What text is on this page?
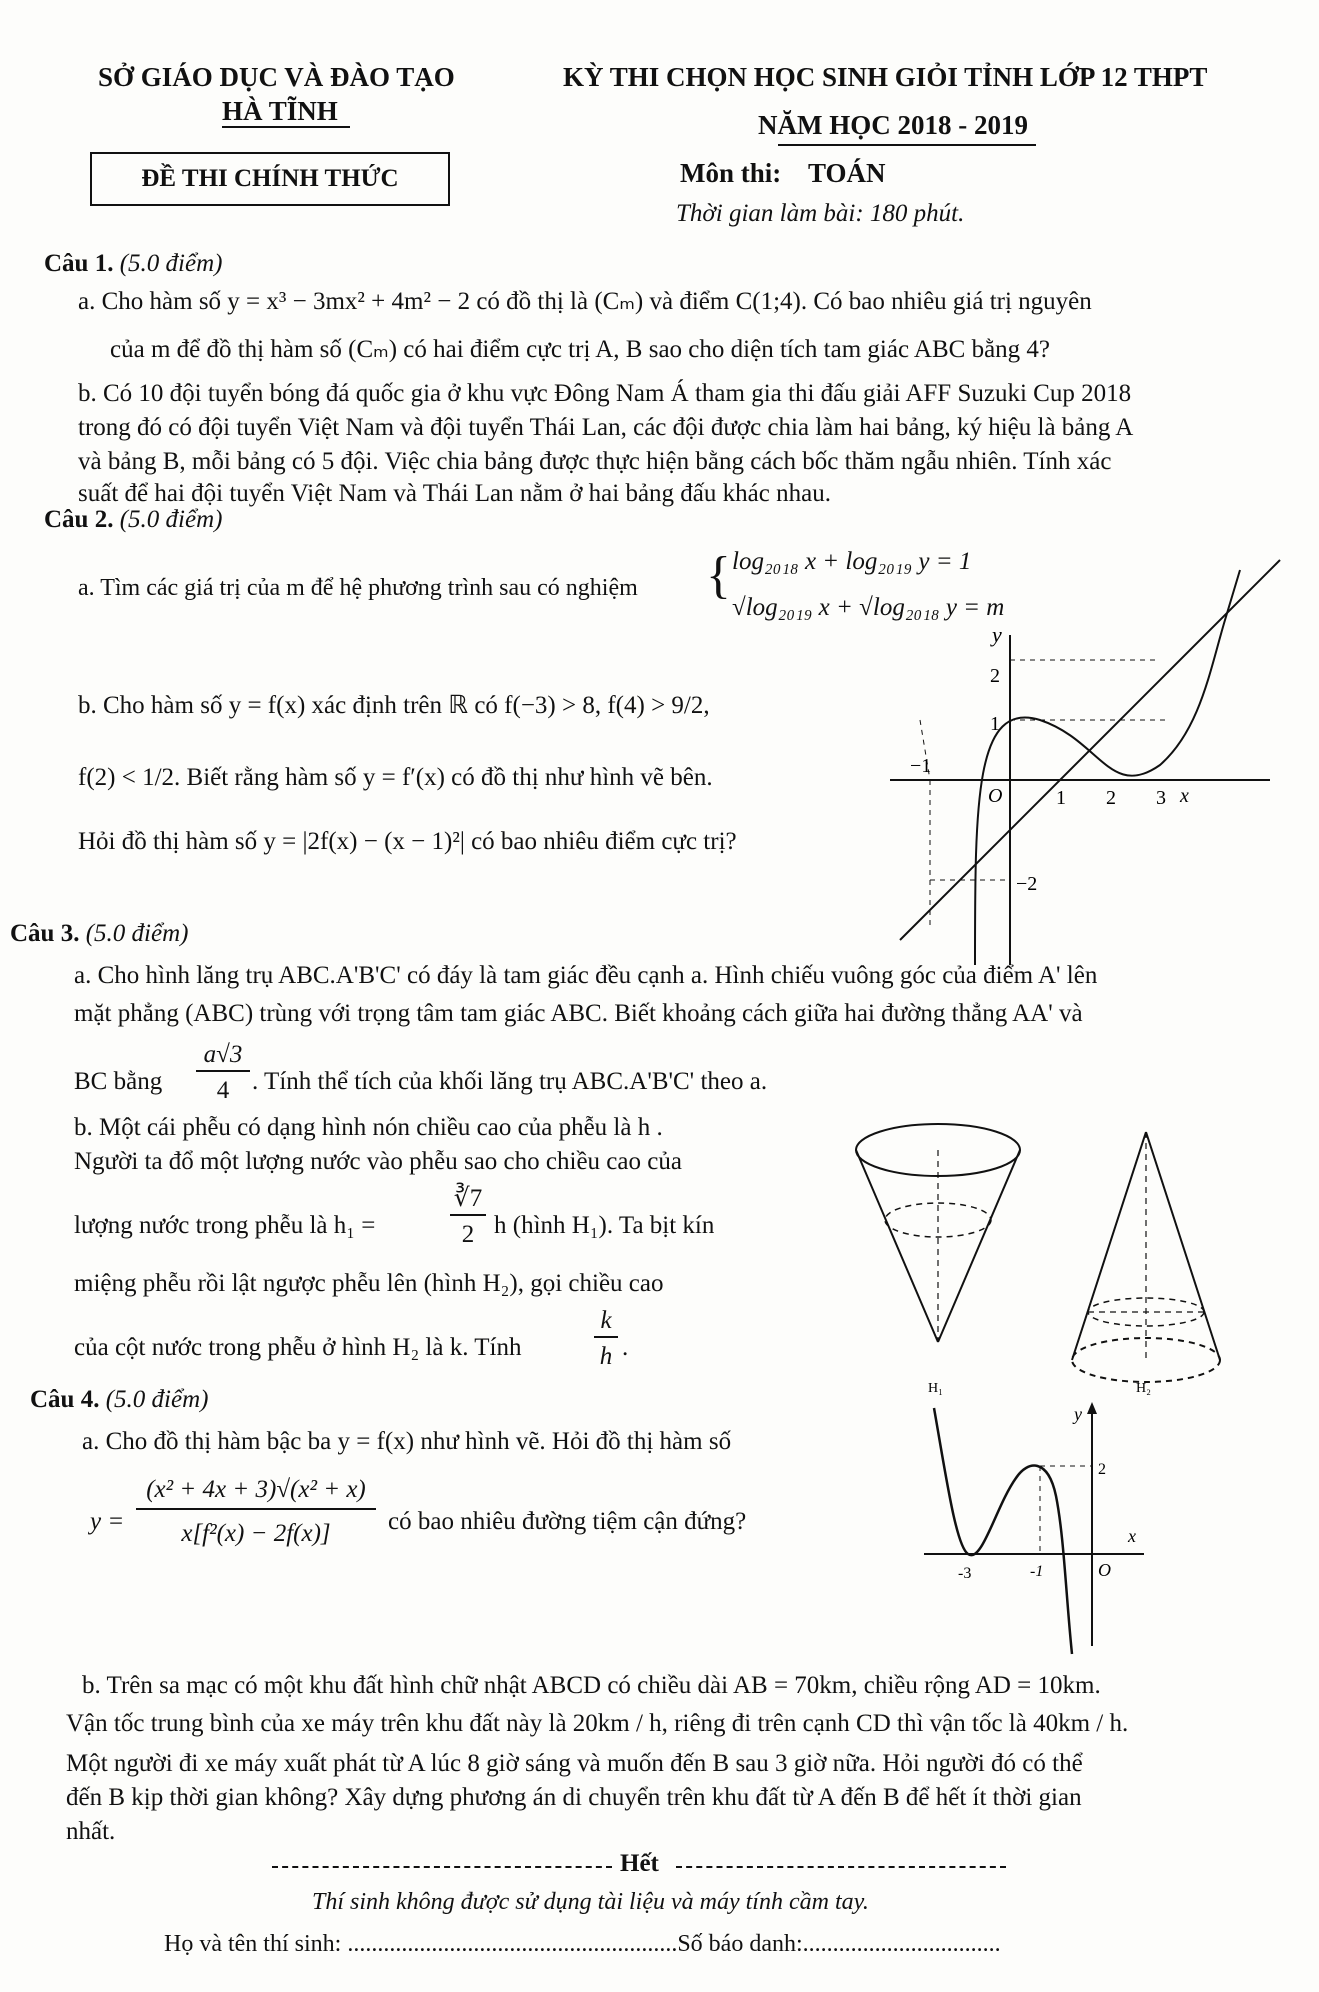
SỞ GIÁO DỤC VÀ ĐÀO TẠO
HÀ TĨNH
ĐỀ THI CHÍNH THỨC
KỲ THI CHỌN HỌC SINH GIỎI TỈNH LỚP 12 THPT
NĂM HỌC 2018 - 2019
Môn thi: TOÁN
Thời gian làm bài: 180 phút.
Câu 1. (5.0 điểm)
a. Cho hàm số y = x³ − 3mx² + 4m² − 2 có đồ thị là (Cₘ) và điểm C(1;4). Có bao nhiêu giá trị nguyên
của m để đồ thị hàm số (Cₘ) có hai điểm cực trị A, B sao cho diện tích tam giác ABC bằng 4?
b. Có 10 đội tuyển bóng đá quốc gia ở khu vực Đông Nam Á tham gia thi đấu giải AFF Suzuki Cup 2018
trong đó có đội tuyển Việt Nam và đội tuyển Thái Lan, các đội được chia làm hai bảng, ký hiệu là bảng A
và bảng B, mỗi bảng có 5 đội. Việc chia bảng được thực hiện bằng cách bốc thăm ngẫu nhiên. Tính xác
suất để hai đội tuyển Việt Nam và Thái Lan nằm ở hai bảng đấu khác nhau.
Câu 2. (5.0 điểm)
a. Tìm các giá trị của m để hệ phương trình sau có nghiệm { log₂₀₁₈ x + log₂₀₁₉ y = 1
√log₂₀₁₉ x + √log₂₀₁₈ y = m
b. Cho hàm số y = f(x) xác định trên ℝ có f(−3) > 8, f(4) > 9/2,
f(2) < 1/2. Biết rằng hàm số y = f′(x) có đồ thị như hình vẽ bên.
Hỏi đồ thị hàm số y = |2f(x) − (x − 1)²| có bao nhiêu điểm cực trị?
y
2
1
−1
O	1 2 3 x
−2
Câu 3. (5.0 điểm)
a. Cho hình lăng trụ ABC.A'B'C' có đáy là tam giác đều cạnh a. Hình chiếu vuông góc của điểm A' lên
mặt phẳng (ABC) trùng với trọng tâm tam giác ABC. Biết khoảng cách giữa hai đường thẳng AA' và
BC bằng
a√3
4 . Tính thể tích của khối lăng trụ ABC.A'B'C' theo a.
b. Một cái phễu có dạng hình nón chiều cao của phễu là h .
Người ta đổ một lượng nước vào phễu sao cho chiều cao của
lượng nước trong phễu là h₁ =
∛7
2 h (hình H₁). Ta bịt kín
miệng phễu rồi lật ngược phễu lên (hình H₂), gọi chiều cao
của cột nước trong phễu ở hình H₂ là k. Tính
k
h .
H₁	H₂
Câu 4. (5.0 điểm)
a. Cho đồ thị hàm bậc ba y = f(x) như hình vẽ. Hỏi đồ thị hàm số
y =
(x² + 4x + 3)√(x² + x)
x[f²(x) − 2f(x)]	có bao nhiêu đường tiệm cận đứng?
y
2
x
-3	-1	O
b. Trên sa mạc có một khu đất hình chữ nhật ABCD có chiều dài AB = 70km, chiều rộng AD = 10km.
Vận tốc trung bình của xe máy trên khu đất này là 20km / h, riêng đi trên cạnh CD thì vận tốc là 40km / h.
Một người đi xe máy xuất phát từ A lúc 8 giờ sáng và muốn đến B sau 3 giờ nữa. Hỏi người đó có thể
đến B kịp thời gian không? Xây dựng phương án di chuyển trên khu đất từ A đến B để hết ít thời gian
nhất.
Hết
Thí sinh không được sử dụng tài liệu và máy tính cầm tay.
Họ và tên thí sinh: .......................................................Số báo danh:.................................
